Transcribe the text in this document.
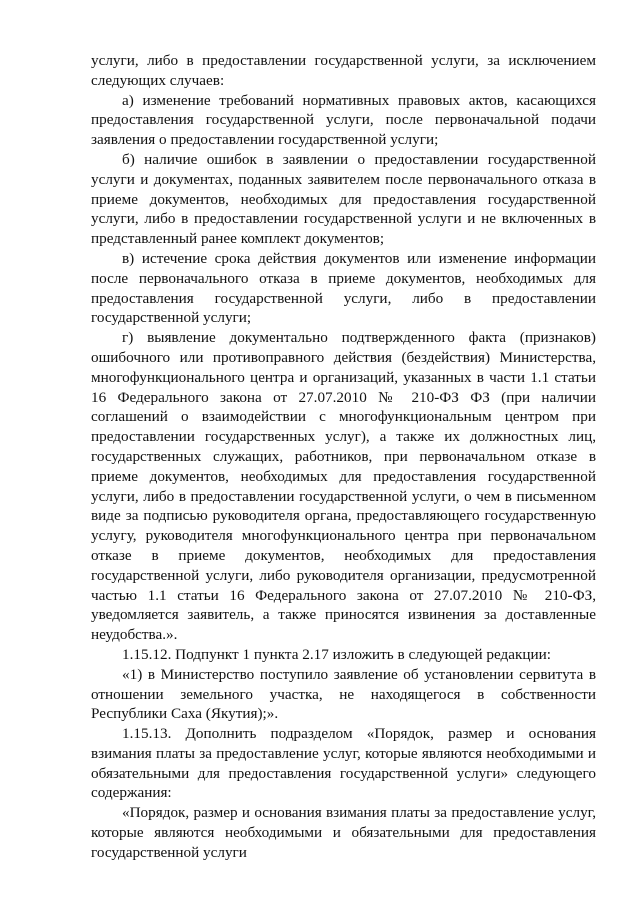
услуги, либо в предоставлении государственной услуги, за исключением следующих случаев:

а) изменение требований нормативных правовых актов, касающихся предоставления государственной услуги, после первоначальной подачи заявления о предоставлении государственной услуги;

б) наличие ошибок в заявлении о предоставлении государственной услуги и документах, поданных заявителем после первоначального отказа в приеме документов, необходимых для предоставления государственной услуги, либо в предоставлении государственной услуги и не включенных в представленный ранее комплект документов;

в) истечение срока действия документов или изменение информации после первоначального отказа в приеме документов, необходимых для предоставления государственной услуги, либо в предоставлении государственной услуги;

г) выявление документально подтвержденного факта (признаков) ошибочного или противоправного действия (бездействия) Министерства, многофункционального центра и организаций, указанных в части 1.1 статьи 16 Федерального закона от 27.07.2010 № 210-ФЗ ФЗ (при наличии соглашений о взаимодействии с многофункциональным центром при предоставлении государственных услуг), а также их должностных лиц, государственных служащих, работников, при первоначальном отказе в приеме документов, необходимых для предоставления государственной услуги, либо в предоставлении государственной услуги, о чем в письменном виде за подписью руководителя органа, предоставляющего государственную услугу, руководителя многофункционального центра при первоначальном отказе в приеме документов, необходимых для предоставления государственной услуги, либо руководителя организации, предусмотренной частью 1.1 статьи 16 Федерального закона от 27.07.2010 № 210-ФЗ, уведомляется заявитель, а также приносятся извинения за доставленные неудобства.».

1.15.12. Подпункт 1 пункта 2.17 изложить в следующей редакции:

«1) в Министерство поступило заявление об установлении сервитута в отношении земельного участка, не находящегося в собственности Республики Саха (Якутия);».

1.15.13. Дополнить подразделом «Порядок, размер и основания взимания платы за предоставление услуг, которые являются необходимыми и обязательными для предоставления государственной услуги» следующего содержания:

«Порядок, размер и основания взимания платы за предоставление услуг, которые являются необходимыми и обязательными для предоставления государственной услуги
